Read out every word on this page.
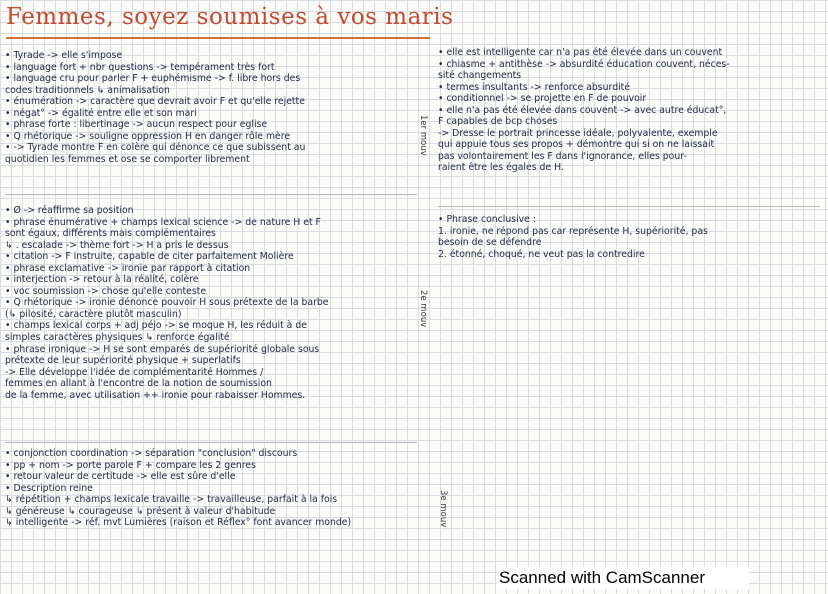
Femmes, soyez soumises à vos maris
• Tyrade -> elle s'impose
• language fort + nbr questions -> tempérament très fort
• language cru pour parler F + euphémisme -> f. libre hors des
codes traditionnels ↳ animalisation
• énumération -> caractère que devrait avoir F et qu'elle rejette
• négat° -> égalité entre elle et son mari
• phrase forte : libertinage -> aucun respect pour eglise
• Q rhétorique -> souligne oppression H en danger rôle mère
• -> Tyrade montre F en colère qui dénonce ce que subissent au
quotidien les femmes et ose se comporter librement
• Ø -> réaffirme sa position
• phrase énumérative + champs lexical science -> de nature H et F
sont égaux, différents mais complémentaires
↳ . escalade -> thème fort -> H a pris le dessus
• citation -> F instruite, capable de citer parfaitement Molière
• phrase exclamative -> ironie par rapport à citation
• interjection -> retour à la réalité, colère
• voc soumission -> chose qu'elle conteste
• Q rhétorique -> ironie dénonce pouvoir H sous prétexte de la barbe
(↳ pilosité, caractère plutôt masculin)
• champs lexical corps + adj péjo -> se moque H, les réduit à de
simples caractères physiques ↳ renforce égalité
• phrase ironique -> H se sont emparés de supériorité globale sous
prétexte de leur supériorité physique + superlatifs
-> Elle développe l'idée de complémentarité Hommes /
femmes en allant à l'encontre de la notion de soumission
de la femme, avec utilisation ++ ironie pour rabaisser Hommes.
• conjonction coordination -> séparation "conclusion" discours
• pp + nom -> porte parole F + compare les 2 genres
• retour valeur de certitude -> elle est sûre d'elle
• Description reine
↳ répétition + champs lexicale travaille -> travailleuse, parfait à la fois
↳ généreuse ↳ courageuse ↳ présent à valeur d'habitude
↳ intelligente -> réf. mvt Lumières (raison et Réflex° font avancer monde)
1er mouv
2e mouv
3e mouv
• elle est intelligente car n'a pas été élevée dans un couvent
• chiasme + antithèse -> absurdité éducation couvent, néces-
sité changements
• termes insultants -> renforce absurdité
• conditionnel -> se projette en F de pouvoir
• elle n'a pas été élevée dans couvent -> avec autre éducat°,
F capables de bcp choses
-> Dresse le portrait princesse idéale, polyvalente, exemple
qui appuie tous ses propos + démontre qui si on ne laissait
pas volontairement les F dans l'ignorance, elles pour-
raient être les égales de H.
• Phrase conclusive :
1. ironie, ne répond pas car représente H, supériorité, pas
besoin de se défendre
2. étonné, choqué, ne veut pas la contredire
Scanned with CamScanner
